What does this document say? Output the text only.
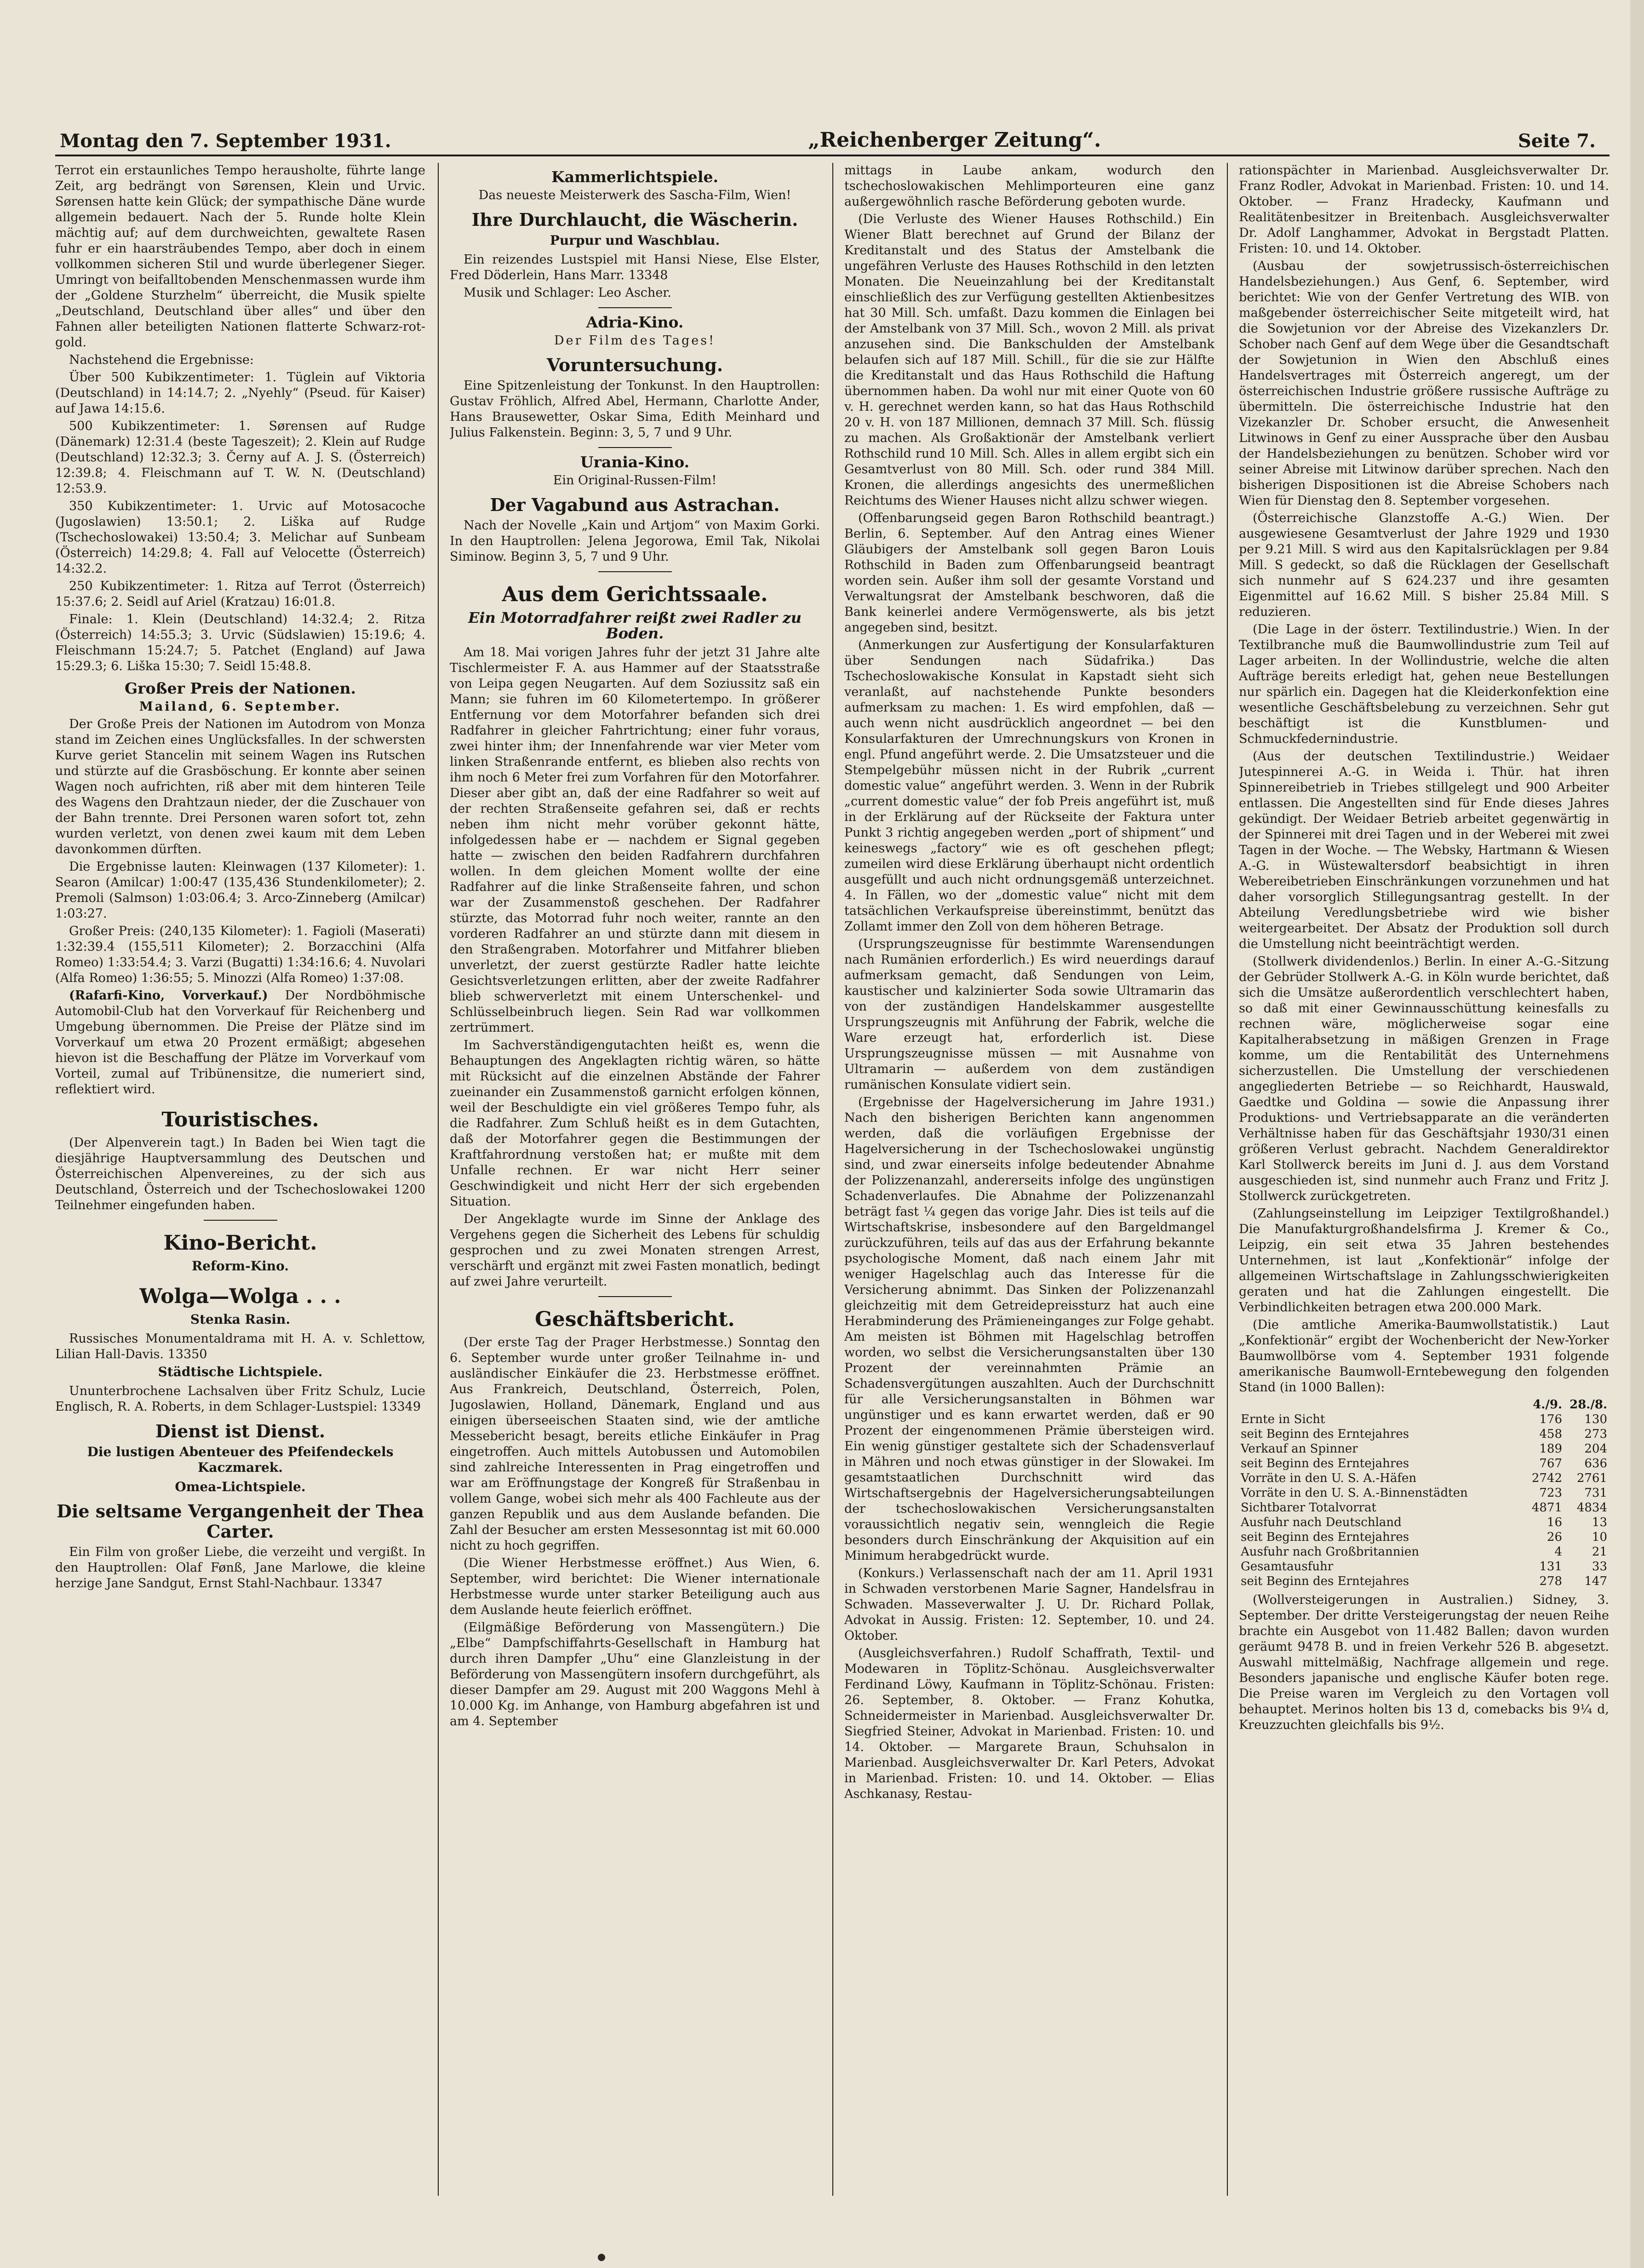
Montag den 7. September 1931.	„Reichenberger Zeitung“.	Seite 7.

Terrot ein erstaunliches Tempo herausholte, führte lange Zeit, arg bedrängt von Sørensen, Klein und Urvic. Sørensen hatte kein Glück; der sympathische Däne wurde allgemein bedauert. Nach der 5. Runde holte Klein mächtig auf; auf dem durchweichten, gewaltete Rasen fuhr er ein haarsträubendes Tempo, aber doch in einem vollkommen sicheren Stil und wurde überlegener Sieger. Umringt von beifalltobenden Menschenmassen wurde ihm der „Goldene Sturzhelm“ überreicht, die Musik spielte „Deutschland, Deutschland über alles“ und über den Fahnen aller beteiligten Nationen flatterte Schwarz-rot-gold.

Nachstehend die Ergebnisse:

Über 500 Kubikzentimeter: 1. Tüglein auf Viktoria (Deutschland) in 14:14.7; 2. „Nyehly“ (Pseud. für Kaiser) auf Jawa 14:15.6.

500 Kubikzentimeter: 1. Sørensen auf Rudge (Dänemark) 12:31.4 (beste Tageszeit); 2. Klein auf Rudge (Deutschland) 12:32.3; 3. Černy auf A. J. S. (Österreich) 12:39.8; 4. Fleischmann auf T. W. N. (Deutschland) 12:53.9.

350 Kubikzentimeter: 1. Urvic auf Motosacoche (Jugoslawien) 13:50.1; 2. Liška auf Rudge (Tschechoslowakei) 13:50.4; 3. Melichar auf Sunbeam (Österreich) 14:29.8; 4. Fall auf Velocette (Österreich) 14:32.2.

250 Kubikzentimeter: 1. Ritza auf Terrot (Österreich) 15:37.6; 2. Seidl auf Ariel (Kratzau) 16:01.8.

Finale: 1. Klein (Deutschland) 14:32.4; 2. Ritza (Österreich) 14:55.3; 3. Urvic (Südslawien) 15:19.6; 4. Fleischmann 15:24.7; 5. Patchet (England) auf Jawa 15:29.3; 6. Liška 15:30; 7. Seidl 15:48.8.

Großer Preis der Nationen.
Mailand, 6. September.

Der Große Preis der Nationen im Autodrom von Monza stand im Zeichen eines Unglücksfalles. In der schwersten Kurve geriet Stancelin mit seinem Wagen ins Rutschen und stürzte auf die Grasböschung. Er konnte aber seinen Wagen noch aufrichten, riß aber mit dem hinteren Teile des Wagens den Drahtzaun nieder, der die Zuschauer von der Bahn trennte. Drei Personen waren sofort tot, zehn wurden verletzt, von denen zwei kaum mit dem Leben davonkommen dürften.

Die Ergebnisse lauten: Kleinwagen (137 Kilometer): 1. Searon (Amilcar) 1:00:47 (135,436 Stundenkilometer); 2. Premoli (Salmson) 1:03:06.4; 3. Arco-Zinneberg (Amilcar) 1:03:27.

Großer Preis: (240,135 Kilometer): 1. Fagioli (Maserati) 1:32:39.4 (155,511 Kilometer); 2. Borzacchini (Alfa Romeo) 1:33:54.4; 3. Varzi (Bugatti) 1:34:16.6; 4. Nuvolari (Alfa Romeo) 1:36:55; 5. Minozzi (Alfa Romeo) 1:37:08.

(Rafarfi-Kino, Vorverkauf.) Der Nordböhmische Automobil-Club hat den Vorverkauf für Reichenberg und Umgebung übernommen. Die Preise der Plätze sind im Vorverkauf um etwa 20 Prozent ermäßigt; abgesehen hievon ist die Beschaffung der Plätze im Vorverkauf vom Vorteil, zumal auf Tribünensitze, die numeriert sind, reflektiert wird.

Touristisches.

(Der Alpenverein tagt.) In Baden bei Wien tagt die diesjährige Hauptversammlung des Deutschen und Österreichischen Alpenvereines, zu der sich aus Deutschland, Österreich und der Tschechoslowakei 1200 Teilnehmer eingefunden haben.

Kino-Bericht.
Reform-Kino.
Wolga—Wolga . . .
Stenka Rasin.

Russisches Monumentaldrama mit H. A. v. Schlettow, Lilian Hall-Davis. 13350

Städtische Lichtspiele.

Ununterbrochene Lachsalven über Fritz Schulz, Lucie Englisch, R. A. Roberts, in dem Schlager-Lustspiel: 13349

Dienst ist Dienst.
Die lustigen Abenteuer des Pfeifendeckels Kaczmarek.
Omea-Lichtspiele.
Die seltsame Vergangenheit der Thea Carter.

Ein Film von großer Liebe, die verzeiht und vergißt. In den Hauptrollen: Olaf Fønß, Jane Marlowe, die kleine herzige Jane Sandgut, Ernst Stahl-Nachbaur. 13347

Kammerlichtspiele.
Das neueste Meisterwerk des Sascha-Film, Wien!
Ihre Durchlaucht, die Wäscherin.
Purpur und Waschblau.

Ein reizendes Lustspiel mit Hansi Niese, Else Elster, Fred Döderlein, Hans Marr. 13348

Musik und Schlager: Leo Ascher.

Adria-Kino.
Der Film des Tages!
Voruntersuchung.

Eine Spitzenleistung der Tonkunst. In den Hauptrollen: Gustav Fröhlich, Alfred Abel, Hermann, Charlotte Ander, Hans Brausewetter, Oskar Sima, Edith Meinhard und Julius Falkenstein. Beginn: 3, 5, 7 und 9 Uhr.

Urania-Kino.
Ein Original-Russen-Film!
Der Vagabund aus Astrachan.

Nach der Novelle „Kain und Artjom“ von Maxim Gorki. In den Hauptrollen: Jelena Jegorowa, Emil Tak, Nikolai Siminow. Beginn 3, 5, 7 und 9 Uhr.

Aus dem Gerichtssaale.
Ein Motorradfahrer reißt zwei Radler zu Boden.

Am 18. Mai vorigen Jahres fuhr der jetzt 31 Jahre alte Tischlermeister F. A. aus Hammer auf der Staatsstraße von Leipa gegen Neugarten. Auf dem Soziussitz saß ein Mann; sie fuhren im 60 Kilometertempo. In größerer Entfernung vor dem Motorfahrer befanden sich drei Radfahrer in gleicher Fahrtrichtung; einer fuhr voraus, zwei hinter ihm; der Innenfahrende war vier Meter vom linken Straßenrande entfernt, es blieben also rechts von ihm noch 6 Meter frei zum Vorfahren für den Motorfahrer. Dieser aber gibt an, daß der eine Radfahrer so weit auf der rechten Straßenseite gefahren sei, daß er rechts neben ihm nicht mehr vorüber gekonnt hätte, infolgedessen habe er — nachdem er Signal gegeben hatte — zwischen den beiden Radfahrern durchfahren wollen. In dem gleichen Moment wollte der eine Radfahrer auf die linke Straßenseite fahren, und schon war der Zusammenstoß geschehen. Der Radfahrer stürzte, das Motorrad fuhr noch weiter, rannte an den vorderen Radfahrer an und stürzte dann mit diesem in den Straßengraben. Motorfahrer und Mitfahrer blieben unverletzt, der zuerst gestürzte Radler hatte leichte Gesichtsverletzungen erlitten, aber der zweite Radfahrer blieb schwerverletzt mit einem Unterschenkel- und Schlüsselbeinbruch liegen. Sein Rad war vollkommen zertrümmert.

Im Sachverständigengutachten heißt es, wenn die Behauptungen des Angeklagten richtig wären, so hätte mit Rücksicht auf die einzelnen Abstände der Fahrer zueinander ein Zusammenstoß garnicht erfolgen können, weil der Beschuldigte ein viel größeres Tempo fuhr, als die Radfahrer. Zum Schluß heißt es in dem Gutachten, daß der Motorfahrer gegen die Bestimmungen der Kraftfahrordnung verstoßen hat; er mußte mit dem Unfalle rechnen. Er war nicht Herr seiner Geschwindigkeit und nicht Herr der sich ergebenden Situation.

Der Angeklagte wurde im Sinne der Anklage des Vergehens gegen die Sicherheit des Lebens für schuldig gesprochen und zu zwei Monaten strengen Arrest, verschärft und ergänzt mit zwei Fasten monatlich, bedingt auf zwei Jahre verurteilt.

Geschäftsbericht.

(Der erste Tag der Prager Herbstmesse.) Sonntag den 6. September wurde unter großer Teilnahme in- und ausländischer Einkäufer die 23. Herbstmesse eröffnet. Aus Frankreich, Deutschland, Österreich, Polen, Jugoslawien, Holland, Dänemark, England und aus einigen überseeischen Staaten sind, wie der amtliche Messebericht besagt, bereits etliche Einkäufer in Prag eingetroffen. Auch mittels Autobussen und Automobilen sind zahlreiche Interessenten in Prag eingetroffen und war am Eröffnungstage der Kongreß für Straßenbau in vollem Gange, wobei sich mehr als 400 Fachleute aus der ganzen Republik und aus dem Auslande befanden. Die Zahl der Besucher am ersten Messesonntag ist mit 60.000 nicht zu hoch gegriffen.

(Die Wiener Herbstmesse eröffnet.) Aus Wien, 6. September, wird berichtet: Die Wiener internationale Herbstmesse wurde unter starker Beteiligung auch aus dem Auslande heute feierlich eröffnet.

(Eilgmäßige Beförderung von Massengütern.) Die „Elbe“ Dampfschiffahrts-Gesellschaft in Hamburg hat durch ihren Dampfer „Uhu“ eine Glanzleistung in der Beförderung von Massengütern insofern durchgeführt, als dieser Dampfer am 29. August mit 200 Waggons Mehl à 10.000 Kg. im Anhange, von Hamburg abgefahren ist und am 4. September

mittags in Laube ankam, wodurch den tschechoslowakischen Mehlimporteuren eine ganz außergewöhnlich rasche Beförderung geboten wurde.

(Die Verluste des Wiener Hauses Rothschild.) Ein Wiener Blatt berechnet auf Grund der Bilanz der Kreditanstalt und des Status der Amstelbank die ungefähren Verluste des Hauses Rothschild in den letzten Monaten. Die Neueinzahlung bei der Kreditanstalt einschließlich des zur Verfügung gestellten Aktienbesitzes hat 30 Mill. Sch. umfaßt. Dazu kommen die Einlagen bei der Amstelbank von 37 Mill. Sch., wovon 2 Mill. als privat anzusehen sind. Die Bankschulden der Amstelbank belaufen sich auf 187 Mill. Schill., für die sie zur Hälfte die Kreditanstalt und das Haus Rothschild die Haftung übernommen haben. Da wohl nur mit einer Quote von 60 v. H. gerechnet werden kann, so hat das Haus Rothschild 20 v. H. von 187 Millionen, demnach 37 Mill. Sch. flüssig zu machen. Als Großaktionär der Amstelbank verliert Rothschild rund 10 Mill. Sch. Alles in allem ergibt sich ein Gesamtverlust von 80 Mill. Sch. oder rund 384 Mill. Kronen, die allerdings angesichts des unermeßlichen Reichtums des Wiener Hauses nicht allzu schwer wiegen.

(Offenbarungseid gegen Baron Rothschild beantragt.) Berlin, 6. September. Auf den Antrag eines Wiener Gläubigers der Amstelbank soll gegen Baron Louis Rothschild in Baden zum Offenbarungseid beantragt worden sein. Außer ihm soll der gesamte Vorstand und Verwaltungsrat der Amstelbank beschworen, daß die Bank keinerlei andere Vermögenswerte, als bis jetzt angegeben sind, besitzt.

(Anmerkungen zur Ausfertigung der Konsularfakturen über Sendungen nach Südafrika.) Das Tschechoslowakische Konsulat in Kapstadt sieht sich veranlaßt, auf nachstehende Punkte besonders aufmerksam zu machen: 1. Es wird empfohlen, daß — auch wenn nicht ausdrücklich angeordnet — bei den Konsularfakturen der Umrechnungskurs von Kronen in engl. Pfund angeführt werde. 2. Die Umsatzsteuer und die Stempelgebühr müssen nicht in der Rubrik „current domestic value“ angeführt werden. 3. Wenn in der Rubrik „current domestic value“ der fob Preis angeführt ist, muß in der Erklärung auf der Rückseite der Faktura unter Punkt 3 richtig angegeben werden „port of shipment“ und keineswegs „factory“ wie es oft geschehen pflegt; zumeilen wird diese Erklärung überhaupt nicht ordentlich ausgefüllt und auch nicht ordnungsgemäß unterzeichnet. 4. In Fällen, wo der „domestic value“ nicht mit dem tatsächlichen Verkaufspreise übereinstimmt, benützt das Zollamt immer den Zoll von dem höheren Betrage.

(Ursprungszeugnisse für bestimmte Warensendungen nach Rumänien erforderlich.) Es wird neuerdings darauf aufmerksam gemacht, daß Sendungen von Leim, kaustischer und kalzinierter Soda sowie Ultramarin das von der zuständigen Handelskammer ausgestellte Ursprungszeugnis mit Anführung der Fabrik, welche die Ware erzeugt hat, erforderlich ist. Diese Ursprungszeugnisse müssen — mit Ausnahme von Ultramarin — außerdem von dem zuständigen rumänischen Konsulate vidiert sein.

(Ergebnisse der Hagelversicherung im Jahre 1931.) Nach den bisherigen Berichten kann angenommen werden, daß die vorläufigen Ergebnisse der Hagelversicherung in der Tschechoslowakei ungünstig sind, und zwar einerseits infolge bedeutender Abnahme der Polizzenanzahl, andererseits infolge des ungünstigen Schadenverlaufes. Die Abnahme der Polizzenanzahl beträgt fast ¼ gegen das vorige Jahr. Dies ist teils auf die Wirtschaftskrise, insbesondere auf den Bargeldmangel zurückzuführen, teils auf das aus der Erfahrung bekannte psychologische Moment, daß nach einem Jahr mit weniger Hagelschlag auch das Interesse für die Versicherung abnimmt. Das Sinken der Polizzenanzahl gleichzeitig mit dem Getreidepreissturz hat auch eine Herabminderung des Prämieneinganges zur Folge gehabt. Am meisten ist Böhmen mit Hagelschlag betroffen worden, wo selbst die Versicherungsanstalten über 130 Prozent der vereinnahmten Prämie an Schadensvergütungen auszahlten. Auch der Durchschnitt für alle Versicherungsanstalten in Böhmen war ungünstiger und es kann erwartet werden, daß er 90 Prozent der eingenommenen Prämie übersteigen wird. Ein wenig günstiger gestaltete sich der Schadensverlauf in Mähren und noch etwas günstiger in der Slowakei. Im gesamtstaatlichen Durchschnitt wird das Wirtschaftsergebnis der Hagelversicherungsabteilungen der tschechoslowakischen Versicherungsanstalten voraussichtlich negativ sein, wenngleich die Regie besonders durch Einschränkung der Akquisition auf ein Minimum herabgedrückt wurde.

(Konkurs.) Verlassenschaft nach der am 11. April 1931 in Schwaden verstorbenen Marie Sagner, Handelsfrau in Schwaden. Masseverwalter J. U. Dr. Richard Pollak, Advokat in Aussig. Fristen: 12. September, 10. und 24. Oktober.

(Ausgleichsverfahren.) Rudolf Schaffrath, Textil- und Modewaren in Töplitz-Schönau. Ausgleichsverwalter Ferdinand Löwy, Kaufmann in Töplitz-Schönau. Fristen: 26. September, 8. Oktober. — Franz Kohutka, Schneidermeister in Marienbad. Ausgleichsverwalter Dr. Siegfried Steiner, Advokat in Marienbad. Fristen: 10. und 14. Oktober. — Margarete Braun, Schuhsalon in Marienbad. Ausgleichsverwalter Dr. Karl Peters, Advokat in Marienbad. Fristen: 10. und 14. Oktober. — Elias Aschkanasy, Restau-

rationspächter in Marienbad. Ausgleichsverwalter Dr. Franz Rodler, Advokat in Marienbad. Fristen: 10. und 14. Oktober. — Franz Hradecky, Kaufmann und Realitätenbesitzer in Breitenbach. Ausgleichsverwalter Dr. Adolf Langhammer, Advokat in Bergstadt Platten. Fristen: 10. und 14. Oktober.

(Ausbau der sowjetrussisch-österreichischen Handelsbeziehungen.) Aus Genf, 6. September, wird berichtet: Wie von der Genfer Vertretung des WIB. von maßgebender österreichischer Seite mitgeteilt wird, hat die Sowjetunion vor der Abreise des Vizekanzlers Dr. Schober nach Genf auf dem Wege über die Gesandtschaft der Sowjetunion in Wien den Abschluß eines Handelsvertrages mit Österreich angeregt, um der österreichischen Industrie größere russische Aufträge zu übermitteln. Die österreichische Industrie hat den Vizekanzler Dr. Schober ersucht, die Anwesenheit Litwinows in Genf zu einer Aussprache über den Ausbau der Handelsbeziehungen zu benützen. Schober wird vor seiner Abreise mit Litwinow darüber sprechen. Nach den bisherigen Dispositionen ist die Abreise Schobers nach Wien für Dienstag den 8. September vorgesehen.

(Österreichische Glanzstoffe A.-G.) Wien. Der ausgewiesene Gesamtverlust der Jahre 1929 und 1930 per 9.21 Mill. S wird aus den Kapitalsrücklagen per 9.84 Mill. S gedeckt, so daß die Rücklagen der Gesellschaft sich nunmehr auf S 624.237 und ihre gesamten Eigenmittel auf 16.62 Mill. S bisher 25.84 Mill. S reduzieren.

(Die Lage in der österr. Textilindustrie.) Wien. In der Textilbranche muß die Baumwollindustrie zum Teil auf Lager arbeiten. In der Wollindustrie, welche die alten Aufträge bereits erledigt hat, gehen neue Bestellungen nur spärlich ein. Dagegen hat die Kleiderkonfektion eine wesentliche Geschäftsbelebung zu verzeichnen. Sehr gut beschäftigt ist die Kunstblumen- und Schmuckfedernindustrie.

(Aus der deutschen Textilindustrie.) Weidaer Jutespinnerei A.-G. in Weida i. Thür. hat ihren Spinnereibetrieb in Triebes stillgelegt und 900 Arbeiter entlassen. Die Angestellten sind für Ende dieses Jahres gekündigt. Der Weidaer Betrieb arbeitet gegenwärtig in der Spinnerei mit drei Tagen und in der Weberei mit zwei Tagen in der Woche. — The Websky, Hartmann & Wiesen A.-G. in Wüstewaltersdorf beabsichtigt in ihren Webereibetrieben Einschränkungen vorzunehmen und hat daher vorsorglich Stillegungsantrag gestellt. In der Abteilung Veredlungsbetriebe wird wie bisher weitergearbeitet. Der Absatz der Produktion soll durch die Umstellung nicht beeinträchtigt werden.

(Stollwerk dividendenlos.) Berlin. In einer A.-G.-Sitzung der Gebrüder Stollwerk A.-G. in Köln wurde berichtet, daß sich die Umsätze außerordentlich verschlechtert haben, so daß mit einer Gewinnausschüttung keinesfalls zu rechnen wäre, möglicherweise sogar eine Kapitalherabsetzung in mäßigen Grenzen in Frage komme, um die Rentabilität des Unternehmens sicherzustellen. Die Umstellung der verschiedenen angegliederten Betriebe — so Reichhardt, Hauswald, Gaedtke und Goldina — sowie die Anpassung ihrer Produktions- und Vertriebsapparate an die veränderten Verhältnisse haben für das Geschäftsjahr 1930/31 einen größeren Verlust gebracht. Nachdem Generaldirektor Karl Stollwerck bereits im Juni d. J. aus dem Vorstand ausgeschieden ist, sind nunmehr auch Franz und Fritz J. Stollwerck zurückgetreten.

(Zahlungseinstellung im Leipziger Textilgroßhandel.) Die Manufakturgroßhandelsfirma J. Kremer & Co., Leipzig, ein seit etwa 35 Jahren bestehendes Unternehmen, ist laut „Konfektionär“ infolge der allgemeinen Wirtschaftslage in Zahlungsschwierigkeiten geraten und hat die Zahlungen eingestellt. Die Verbindlichkeiten betragen etwa 200.000 Mark.

(Die amtliche Amerika-Baumwollstatistik.) Laut „Konfektionär“ ergibt der Wochenbericht der New-Yorker Baumwollbörse vom 4. September 1931 folgende amerikanische Baumwoll-Erntebewegung den folgenden Stand (in 1000 Ballen):

	4./9.	28./8.
Ernte in Sicht	176	130
seit Beginn des Erntejahres	458	273
Verkauf an Spinner	189	204
seit Beginn des Erntejahres	767	636
Vorräte in den U. S. A.-Häfen	2742	2761
Vorräte in den U. S. A.-Binnenstädten	723	731
Sichtbarer Totalvorrat	4871	4834
Ausfuhr nach Deutschland	16	13
seit Beginn des Erntejahres	26	10
Ausfuhr nach Großbritannien	4	21
Gesamtausfuhr	131	33
seit Beginn des Erntejahres	278	147

(Wollversteigerungen in Australien.) Sidney, 3. September. Der dritte Versteigerungstag der neuen Reihe brachte ein Ausgebot von 11.482 Ballen; davon wurden geräumt 9478 B. und in freien Verkehr 526 B. abgesetzt. Auswahl mittelmäßig, Nachfrage allgemein und rege. Besonders japanische und englische Käufer boten rege. Die Preise waren im Vergleich zu den Vortagen voll behauptet. Merinos holten bis 13 d, comebacks bis 9¼ d, Kreuzzuchten gleichfalls bis 9½.
